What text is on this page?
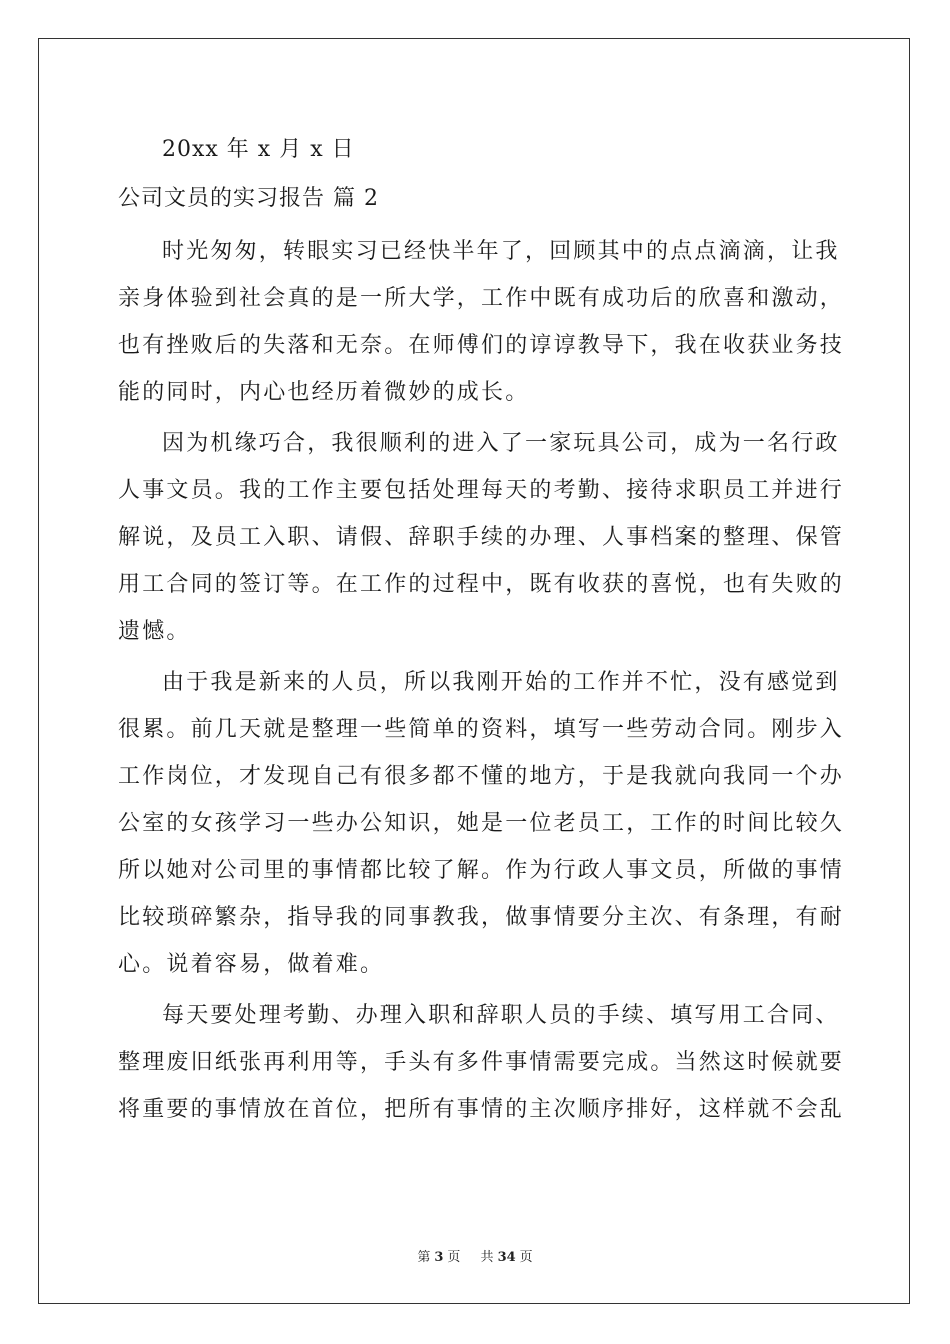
20xx 年 x 月 x 日
公司文员的实习报告 篇 2
时光匆匆，转眼实习已经快半年了，回顾其中的点点滴滴，让我
亲身体验到社会真的是一所大学，工作中既有成功后的欣喜和激动，
也有挫败后的失落和无奈。在师傅们的谆谆教导下，我在收获业务技
能的同时，内心也经历着微妙的成长。
因为机缘巧合，我很顺利的进入了一家玩具公司，成为一名行政
人事文员。我的工作主要包括处理每天的考勤、接待求职员工并进行
解说，及员工入职、请假、辞职手续的办理、人事档案的整理、保管
用工合同的签订等。在工作的过程中，既有收获的喜悦，也有失败的
遗憾。
由于我是新来的人员，所以我刚开始的工作并不忙，没有感觉到
很累。前几天就是整理一些简单的资料，填写一些劳动合同。刚步入
工作岗位，才发现自己有很多都不懂的地方，于是我就向我同一个办
公室的女孩学习一些办公知识，她是一位老员工，工作的时间比较久
所以她对公司里的事情都比较了解。作为行政人事文员，所做的事情
比较琐碎繁杂，指导我的同事教我，做事情要分主次、有条理，有耐
心。说着容易，做着难。
每天要处理考勤、办理入职和辞职人员的手续、填写用工合同、
整理废旧纸张再利用等，手头有多件事情需要完成。当然这时候就要
将重要的事情放在首位，把所有事情的主次顺序排好，这样就不会乱
第 3 页 共 34 页
